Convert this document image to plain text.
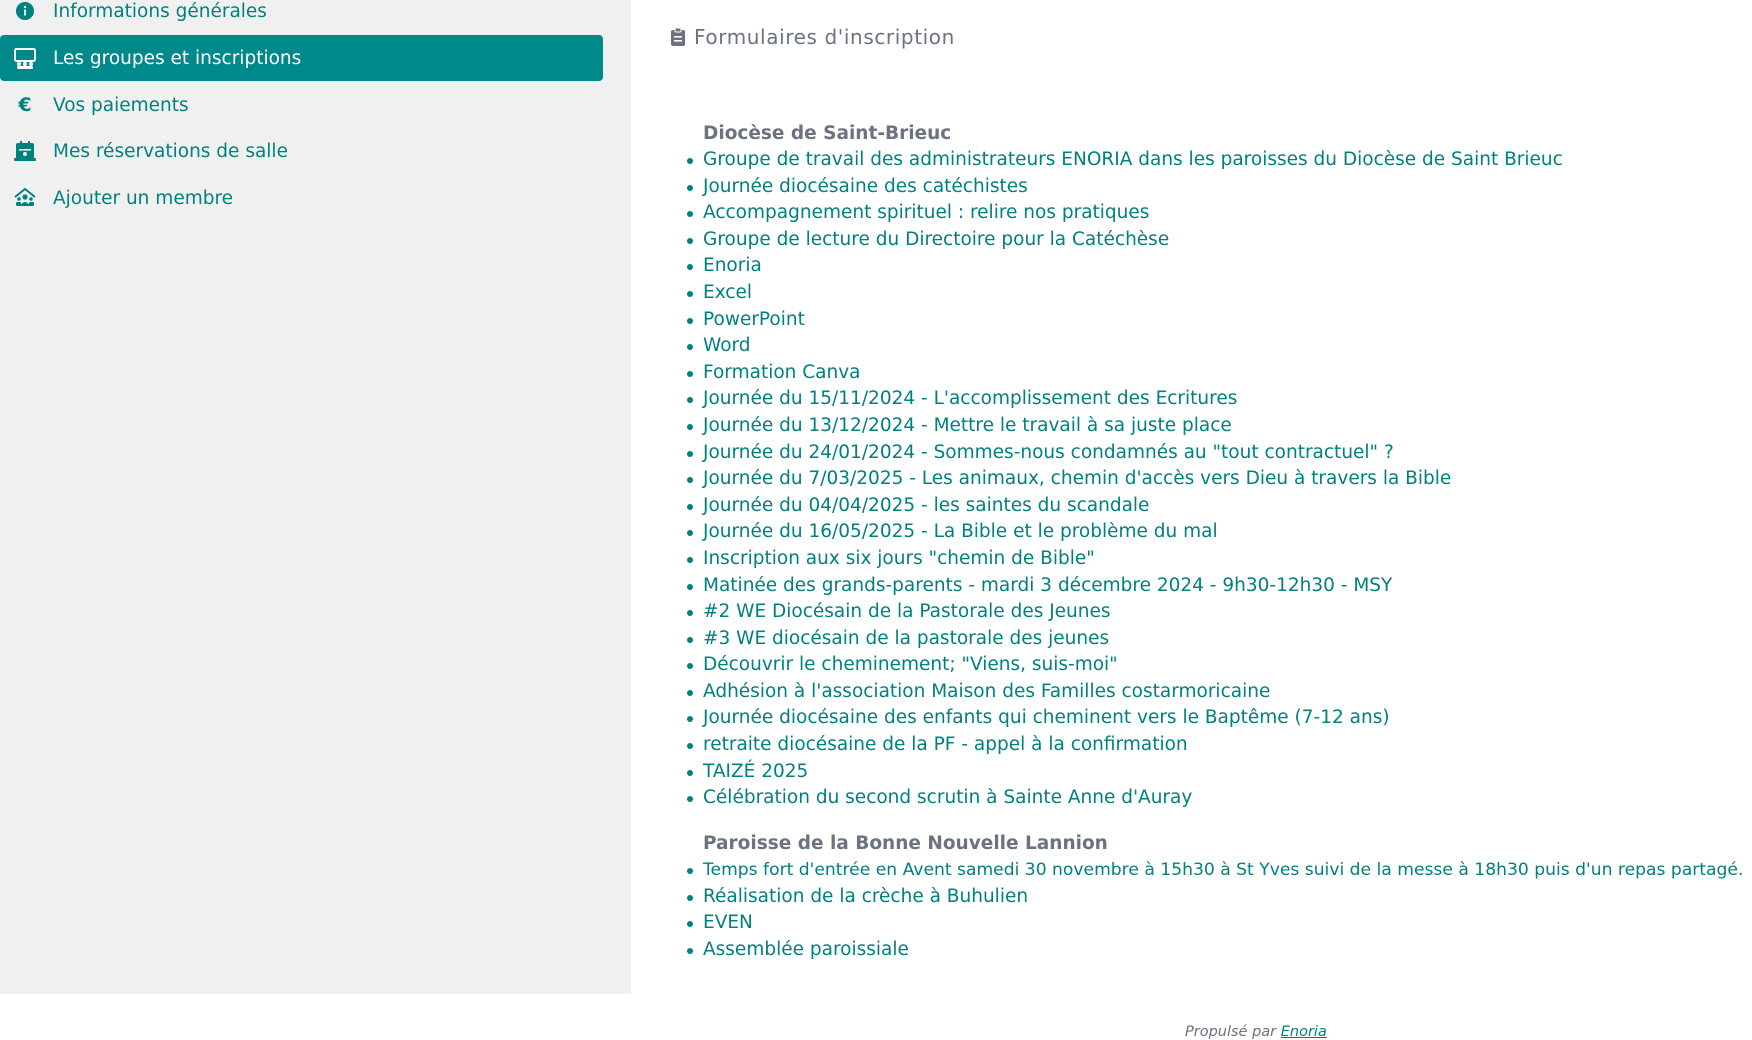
Informations générales
Les groupes et inscriptions
€ Vos paiements
Mes réservations de salle
Ajouter un membre
Formulaires d'inscription
Diocèse de Saint-Brieuc
Groupe de travail des administrateurs ENORIA dans les paroisses du Diocèse de Saint Brieuc
Journée diocésaine des catéchistes
Accompagnement spirituel : relire nos pratiques
Groupe de lecture du Directoire pour la Catéchèse
Enoria
Excel
PowerPoint
Word
Formation Canva
Journée du 15/11/2024 - L'accomplissement des Ecritures
Journée du 13/12/2024 - Mettre le travail à sa juste place
Journée du 24/01/2024 - Sommes-nous condamnés au "tout contractuel" ?
Journée du 7/03/2025 - Les animaux, chemin d'accès vers Dieu à travers la Bible
Journée du 04/04/2025 - les saintes du scandale
Journée du 16/05/2025 - La Bible et le problème du mal
Inscription aux six jours "chemin de Bible"
Matinée des grands-parents - mardi 3 décembre 2024 - 9h30-12h30 - MSY
#2 WE Diocésain de la Pastorale des Jeunes
#3 WE diocésain de la pastorale des jeunes
Découvrir le cheminement; "Viens, suis-moi"
Adhésion à l'association Maison des Familles costarmoricaine
Journée diocésaine des enfants qui cheminent vers le Baptême (7-12 ans)
retraite diocésaine de la PF - appel à la confirmation
TAIZÉ 2025
Célébration du second scrutin à Sainte Anne d'Auray
Paroisse de la Bonne Nouvelle Lannion
Temps fort d'entrée en Avent samedi 30 novembre à 15h30 à St Yves suivi de la messe à 18h30 puis d'un repas partagé.
Réalisation de la crèche à Buhulien
EVEN
Assemblée paroissiale
Propulsé par Enoria
